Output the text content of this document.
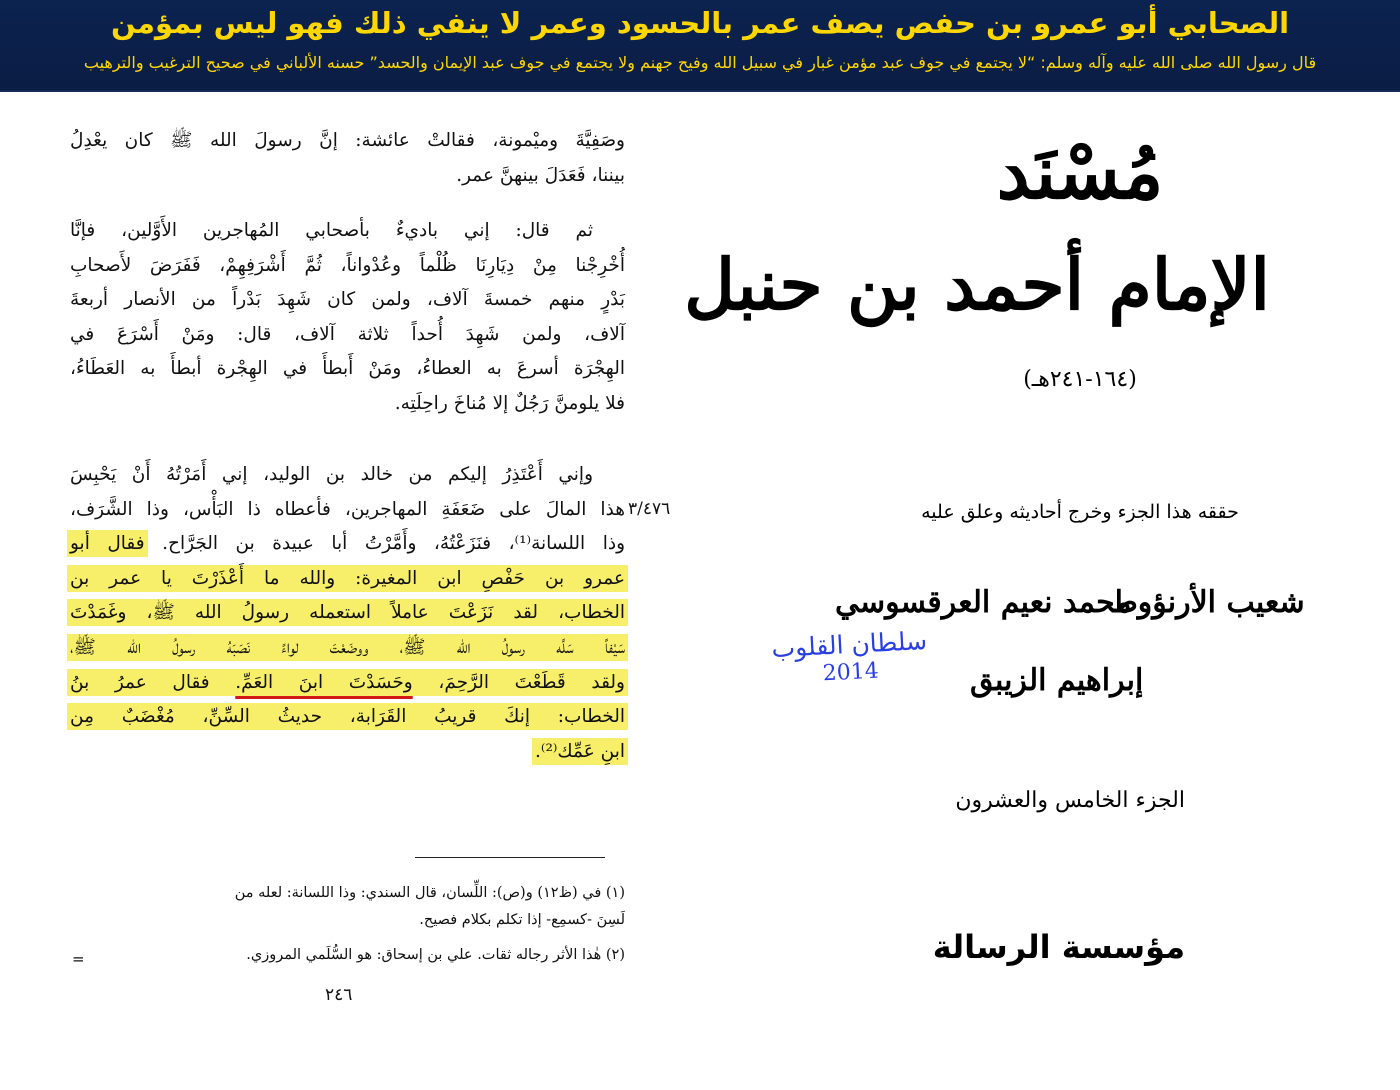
الصحابي أبو عمرو بن حفص يصف عمر بالحسود وعمر لا ينفي ذلك فهو ليس بمؤمن
قال رسول الله صلى الله عليه وآله وسلم: “لا يجتمع في جوف عبد مؤمن غبار في سبيل الله وفيح جهنم ولا يجتمع في جوف عبد الإيمان والحسد” حسنه الألباني في صحيح الترغيب والترهيب
وصَفِيَّةَ وميْمونة، فقالتْ عائشة: إنَّ رسولَ الله ﷺ كان يعْدِلُ
بيننا، فَعَدَلَ بينهنَّ عمر.
ثم قال: إني باديءٌ بأصحابي المُهاجرين الأَوَّلين، فإنَّا
أُخْرِجْنا مِنْ دِيَارِنَا ظُلْماً وعُدْواناً، ثُمَّ أَشْرَفِهِمْ، فَفَرَضَ لأَصحابِ
بَدْرٍ منهم خمسةَ آلاف، ولمن كان شَهِدَ بَدْراً من الأنصار أربعةَ
آلاف، ولمن شَهِدَ أُحداً ثلاثة آلاف، قال: ومَنْ أَسْرَعَ في
الهِجْرَة أسرعَ به العطاءُ، ومَنْ أَبطأَ في الهِجْرة أبطأَ به العَطَاءُ،
فلا يلومنَّ رَجُلٌ إلا مُناخَ راحِلَتِه.
وإني أَعْتَذِرُ إليكم من خالد بن الوليد، إني أَمَرْتُهُ أَنْ يَحْبِسَ
هذا المالَ على ضَعَفَةِ المهاجرين، فأعطاه ذا البَأْس، وذا الشَّرَف،
وذا اللسانة⁽¹⁾، فنَزَعْتُهُ، وأَمَّرْتُ أبا عبيدة بن الجَرَّاح. فقال أبو
عمرو بن حَفْصِ ابن المغيرة: والله ما أَعْذَرْتَ يا عمر بن
الخطاب، لقد نَزَعْتَ عاملاً استعمله رسولُ الله ﷺ، وغَمَدْتَ
سَيْفاً سَلَّه رسولُ الله ﷺ، ووضَعْتَ لواءً نَصَبَهُ رسولُ الله ﷺ،
ولقد قَطَعْتَ الرَّحِمَ، وحَسَدْتَ ابنَ العَمِّ. فقال عمرُ بنُ
الخطاب: إنكَ قريبُ القَرَابة، حديثُ السِّنِّ، مُغْضَبٌ مِن
ابنِ عَمِّك⁽²⁾.
(١) في (ظ١٢) و(ص): اللِّسان، قال السندي: وذا اللسانة: لعله من
لَسِنَ -كسمِع- إذا تكلم بكلام فصيح.
(٢) هٰذا الأثر رجاله ثقات. علي بن إسحاق: هو السُّلَمي المروزي.
=
٢٤٦
٣/٤٧٦
مُسْنَد
الإمام أحمد بن حنبل
(١٦٤-٢٤١هـ)
حققه هذا الجزء وخرج أحاديثه وعلق عليه
شعيب الأرنؤوط
محمد نعيم العرقسوسي
إبراهيم الزيبق
سلطان القلوب
2014
الجزء الخامس والعشرون
مؤسسة الرسالة
